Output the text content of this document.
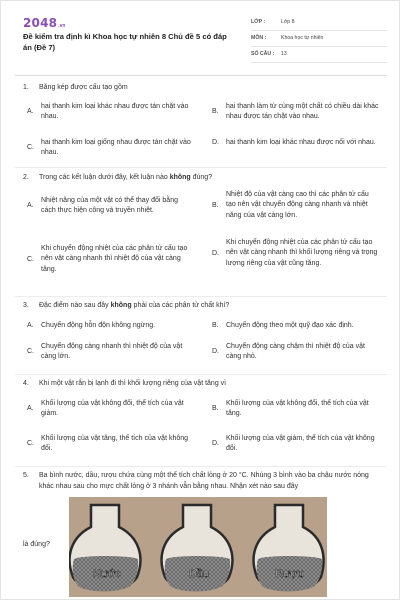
2048 .vn
Đề kiểm tra định kì Khoa học tự nhiên 8 Chủ đề 5 có đáp án (Đề 7)
LỚP :	Lớp 8
MÔN :	Khoa học tự nhiên
SỐ CÂU :	13
1.	Băng kép được cấu tạo gồm
A.
hai thanh kim loại khác nhau được tán chặt vào nhau.
B.
hai thanh làm từ cùng một chất có chiều dài khác nhau được tán chặt vào nhau.
C.
hai thanh kim loại giống nhau được tán chặt vào nhau.
D.	hai thanh kim loại khác nhau được nối với nhau.
2.	Trong các kết luận dưới đây, kết luận nào không đúng?
A.
Nhiệt năng của một vật có thể thay đổi bằng cách thực hiện công và truyền nhiệt.
B.
Nhiệt độ của vật càng cao thì các phân tử cấu tạo nên vật chuyển động càng nhanh và nhiệt năng của vật càng lớn.
C.
Khi chuyển động nhiệt của các phân tử cấu tạo nên vật càng nhanh thì nhiệt độ của vật càng tăng.
D.
Khi chuyển động nhiệt của các phân tử cấu tạo nên vật càng nhanh thì khối lượng riêng và trọng lượng riêng của vật cũng tăng.
3.	Đặc điểm nào sau đây không phải của các phân tử chất khí?
A.	Chuyển động hỗn độn không ngừng.	B.	Chuyển động theo một quỹ đạo xác định.
C.
Chuyển động càng nhanh thì nhiệt độ của vật càng lớn.
D.
Chuyển động càng chậm thì nhiệt độ của vật càng nhỏ.
4.	Khi một vật rắn bị lạnh đi thì khối lượng riêng của vật tăng vì
A.
Khối lượng của vật không đổi, thể tích của vật giảm.
B.
Khối lượng của vật không đổi, thể tích của vật tăng.
C.
Khối lượng của vật tăng, thể tích của vật không đổi.
D.
Khối lượng của vật giảm, thể tích của vật không đổi.
5.	Ba bình nước, dầu, rượu chứa cùng một thể tích chất lỏng ở 20 °C. Nhúng 3 bình vào ba chậu nước nóng khác nhau sau cho mực chất lỏng ở 3 nhánh vẫn bằng nhau. Nhận xét nào sau đây
là đúng?
Nước	Dầu	Rượu
